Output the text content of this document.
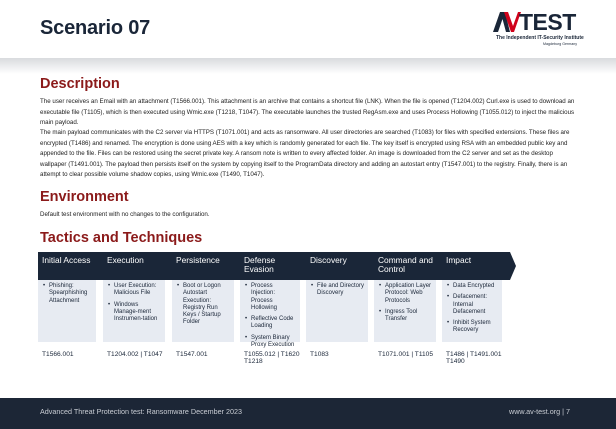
Scenario 07	TEST
The Independent IT-Security Institute
Magdeburg Germany
Description
The user receives an Email with an attachment (T1566.001). This attachment is an archive that contains a shortcut file (LNK). When the file is opened (T1204.002) Curl.exe is used to download an executable file (T1105), which is then executed using Wmic.exe (T1218, T1047). The executable launches the trusted RegAsm.exe and uses Process Hollowing (T1055.012) to inject the malicious main payload.
The main payload communicates with the C2 server via HTTPS (T1071.001) and acts as ransomware. All user directories are searched (T1083) for files with specified extensions. These files are encrypted (T1486) and renamed. The encryption is done using AES with a key which is randomly generated for each file. The key itself is encrypted using RSA with an embedded public key and appended to the file. Files can be restored using the secret private key. A ransom note is written to every affected folder. An image is downloaded from the C2 server and set as the desktop wallpaper (T1491.001). The payload then persists itself on the system by copying itself to the ProgramData directory and adding an autostart entry (T1547.001) to the registry. Finally, there is an attempt to clear possible volume shadow copies, using Wmic.exe (T1490, T1047).
Environment
Default test environment with no changes to the configuration.
Tactics and Techniques
Initial Access
• Phishing: Spearphishing Attachment
T1566.001
Execution
• User Execution: Malicious File
• Windows Manage-ment Instrumen-tation
T1204.002 | T1047
Persistence
• Boot or Logon Autostart Execution: Registry Run Keys / Startup Folder
T1547.001
Defense Evasion
• Process Injection: Process Hollowing
• Reflective Code Loading
• System Binary Proxy Execution
T1055.012 | T1620 T1218
Discovery
• File and Directory Discovery
T1083
Command and Control
• Application Layer Protocol: Web Protocols
• Ingress Tool Transfer
T1071.001 | T1105
Impact
• Data Encrypted
• Defacement: Internal Defacement
• Inhibit System Recovery
T1486 | T1491.001 T1490
Advanced Threat Protection test: Ransomware December 2023	www.av-test.org | 7
